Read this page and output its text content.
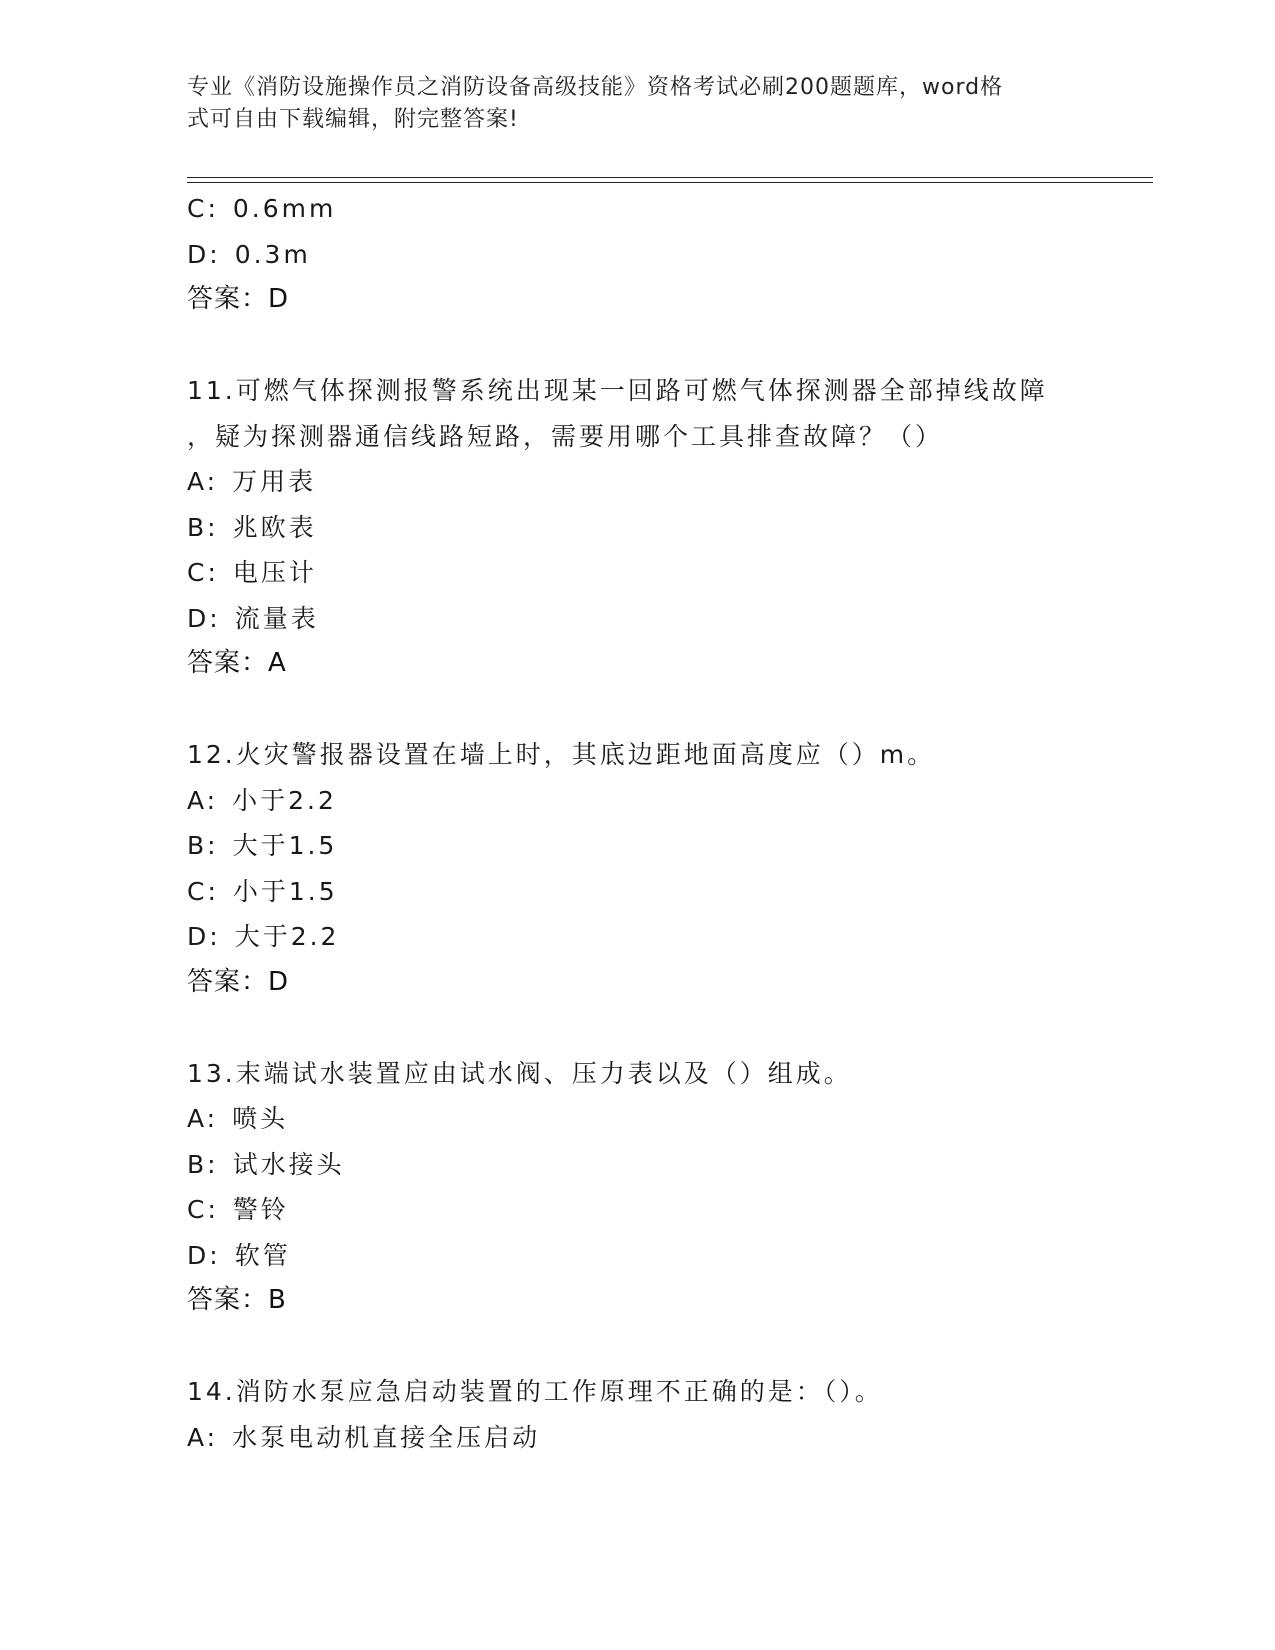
专业《消防设施操作员之消防设备高级技能》资格考试必刷200题题库，word格
式可自由下载编辑，附完整答案!
C: 0.6mm
D: 0.3m
答案：D
11.可燃气体探测报警系统出现某一回路可燃气体探测器全部掉线故障
，疑为探测器通信线路短路，需要用哪个工具排查故障？（）
A: 万用表
B: 兆欧表
C: 电压计
D: 流量表
答案：A
12.火灾警报器设置在墙上时，其底边距地面高度应（）m。
A: 小于2.2
B: 大于1.5
C: 小于1.5
D: 大于2.2
答案：D
13.末端试水装置应由试水阀、压力表以及（）组成。
A: 喷头
B: 试水接头
C: 警铃
D: 软管
答案：B
14.消防水泵应急启动装置的工作原理不正确的是：（）。
A: 水泵电动机直接全压启动
